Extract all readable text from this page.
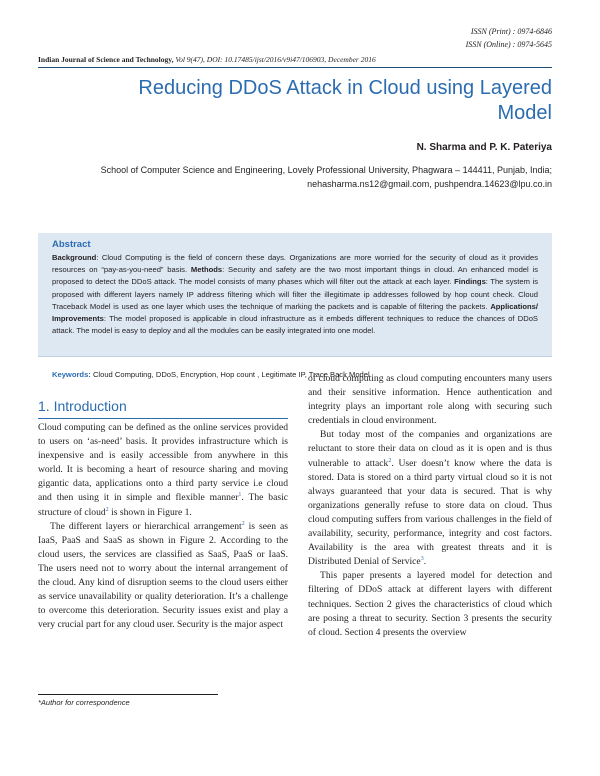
ISSN (Print) : 0974-6846
ISSN (Online) : 0974-5645
Indian Journal of Science and Technology, Vol 9(47), DOI: 10.17485/ijst/2016/v9i47/106903, December 2016
Reducing DDoS Attack in Cloud using Layered Model
N. Sharma and P. K. Pateriya
School of Computer Science and Engineering, Lovely Professional University, Phagwara – 144411, Punjab, India;
nehasharma.ns12@gmail.com, pushpendra.14623@lpu.co.in
Abstract
Background: Cloud Computing is the field of concern these days. Organizations are more worried for the security of cloud as it provides resources on “pay-as-you-need” basis. Methods: Security and safety are the two most important things in cloud. An enhanced model is proposed to detect the DDoS attack. The model consists of many phases which will filter out the attack at each layer. Findings: The system is proposed with different layers namely IP address filtering which will filter the illegitimate ip addresses followed by hop count check. Cloud Traceback Model is used as one layer which uses the technique of marking the packets and is capable of filtering the packets. Applications/ Improvements: The model proposed is applicable in cloud infrastructure as it embeds different techniques to reduce the chances of DDoS attack. The model is easy to deploy and all the modules can be easily integrated into one model.
Keywords: Cloud Computing, DDoS, Encryption, Hop count , Legitimate IP, Trace Back Model
1. Introduction

Cloud computing can be defined as the online services provided to users on ‘as-need’ basis. It provides infrastructure which is inexpensive and is easily accessible from anywhere in this world. It is becoming a heart of resource sharing and moving gigantic data, applications onto a third party service i.e cloud and then using it in simple and flexible manner$^1$. The basic structure of cloud$^2$ is shown in Figure 1.

The different layers or hierarchical arrangement$^2$ is seen as IaaS, PaaS and SaaS as shown in Figure 2. According to the cloud users, the services are classified as SaaS, PaaS or IaaS. The users need not to worry about the internal arrangement of the cloud. Any kind of disruption seems to the cloud users either as service unavailability or quality deterioration. It’s a challenge to overcome this deterioration. Security issues exist and play a very crucial part for any cloud user. Security is the major aspect

of cloud computing as cloud computing encounters many users and their sensitive information. Hence authentication and integrity plays an important role along with securing such credentials in cloud environment.

But today most of the companies and organizations are reluctant to store their data on cloud as it is open and is thus vulnerable to attack$^2$. User doesn’t know where the data is stored. Data is stored on a third party virtual cloud so it is not always guaranteed that your data is secured. That is why organizations generally refuse to store data on cloud. Thus cloud computing suffers from various challenges in the field of availability, security, performance, integrity and cost factors. Availability is the area with greatest threats and it is Distributed Denial of Service$^3$.

This paper presents a layered model for detection and filtering of DDoS attack at different layers with different techniques. Section 2 gives the characteristics of cloud which are posing a threat to security. Section 3 presents the security of cloud. Section 4 presents the overview

*Author for correspondence
